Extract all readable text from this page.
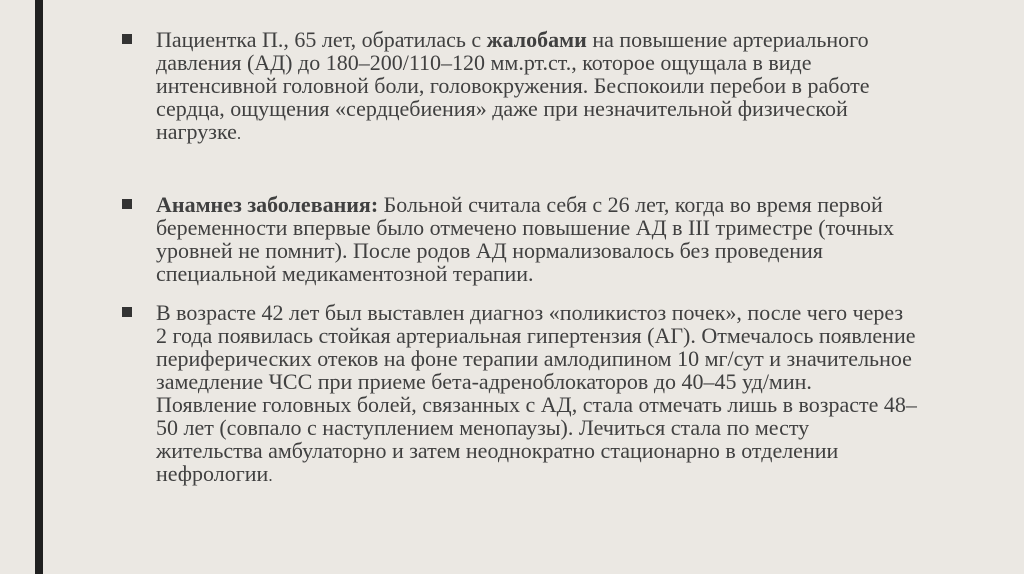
Пациентка П., 65 лет, обратилась с жалобами на повышение артериального давления (АД) до 180–200/110–120 мм.рт.ст., которое ощущала в виде интенсивной головной боли, головокружения. Беспокоили перебои в работе сердца, ощущения «сердцебиения» даже при незначительной физической нагрузке.
Анамнез заболевания: Больной считала себя с 26 лет, когда во время первой беременности впервые было отмечено повышение АД в III триместре (точных уровней не помнит). После родов АД нормализовалось без проведения специальной медикаментозной терапии.
В возрасте 42 лет был выставлен диагноз «поликистоз почек», после чего через 2 года появилась стойкая артериальная гипертензия (АГ). Отмечалось появление периферических отеков на фоне терапии амлодипином 10 мг/сут и значительное замедление ЧСС при приеме бета-адреноблокаторов до 40–45 уд/мин. Появление головных болей, связанных с АД, стала отмечать лишь в возрасте 48–50 лет (совпало с наступлением менопаузы). Лечиться стала по месту жительства амбулаторно и затем неоднократно стационарно в отделении нефрологии.
